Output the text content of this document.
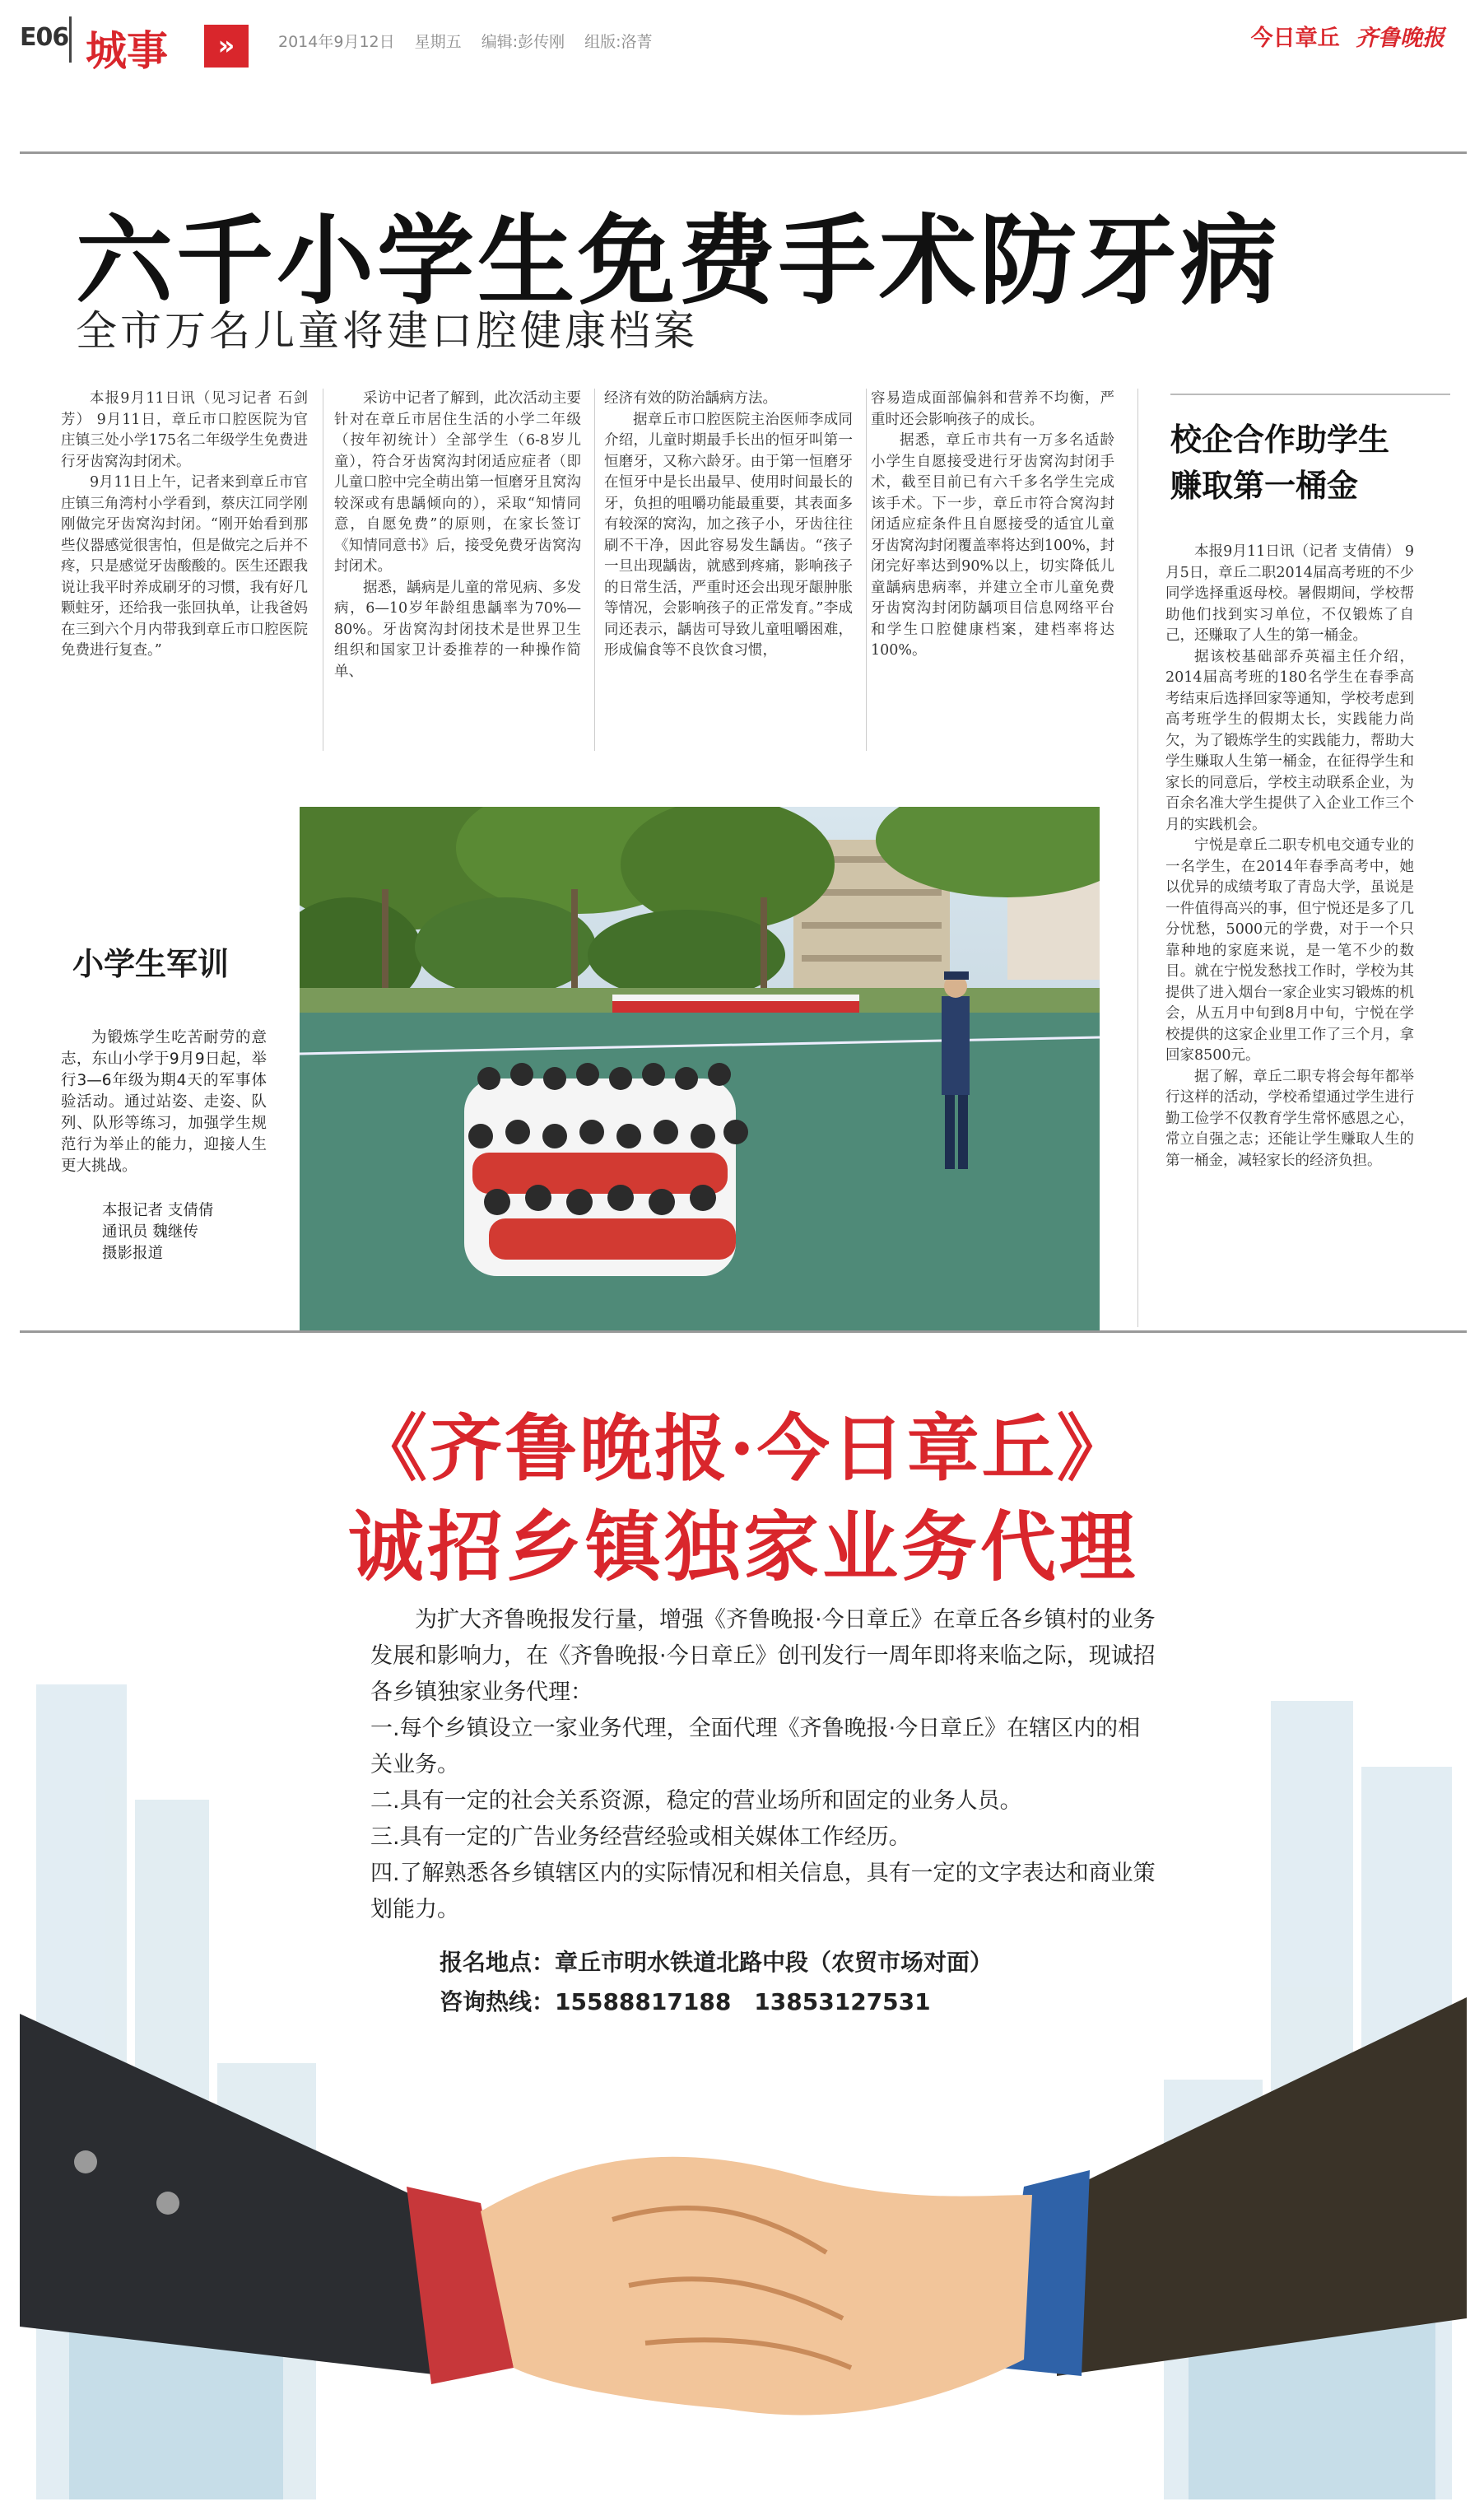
E06 城事	»	2014年9月12日 星期五 编辑:彭传刚 组版:洛菁	今日章丘 齐鲁晚报
六千小学生免费手术防牙病
全市万名儿童将建口腔健康档案

本报9月11日讯（见习记者 石剑芳） 9月11日，章丘市口腔医院为官庄镇三处小学175名二年级学生免费进行牙齿窝沟封闭术。

9月11日上午，记者来到章丘市官庄镇三角湾村小学看到，蔡庆江同学刚刚做完牙齿窝沟封闭。“刚开始看到那些仪器感觉很害怕，但是做完之后并不疼，只是感觉牙齿酸酸的。医生还跟我说让我平时养成刷牙的习惯，我有好几颗蛀牙，还给我一张回执单，让我爸妈在三到六个月内带我到章丘市口腔医院免费进行复查。”

采访中记者了解到，此次活动主要针对在章丘市居住生活的小学二年级（按年初统计）全部学生（6-8岁儿童），符合牙齿窝沟封闭适应症者（即儿童口腔中完全萌出第一恒磨牙且窝沟较深或有患龋倾向的），采取“知情同意，自愿免费”的原则，在家长签订《知情同意书》后，接受免费牙齿窝沟封闭术。

据悉，龋病是儿童的常见病、多发病，6—10岁年龄组患龋率为70%—80%。牙齿窝沟封闭技术是世界卫生组织和国家卫计委推荐的一种操作简单、

经济有效的防治龋病方法。

据章丘市口腔医院主治医师李成同介绍，儿童时期最手长出的恒牙叫第一恒磨牙，又称六龄牙。由于第一恒磨牙在恒牙中是长出最早、使用时间最长的牙，负担的咀嚼功能最重要，其表面多有较深的窝沟，加之孩子小，牙齿往往刷不干净，因此容易发生龋齿。“孩子一旦出现龋齿，就感到疼痛，影响孩子的日常生活，严重时还会出现牙龈肿胀等情况，会影响孩子的正常发育。”李成同还表示，龋齿可导致儿童咀嚼困难，形成偏食等不良饮食习惯，

容易造成面部偏斜和营养不均衡，严重时还会影响孩子的成长。

据悉，章丘市共有一万多名适龄小学生自愿接受进行牙齿窝沟封闭手术，截至目前已有六千多名学生完成该手术。下一步，章丘市符合窝沟封闭适应症条件且自愿接受的适宜儿童牙齿窝沟封闭覆盖率将达到100%，封闭完好率达到90%以上，切实降低儿童龋病患病率，并建立全市儿童免费牙齿窝沟封闭防龋项目信息网络平台和学生口腔健康档案，建档率将达100%。

校企合作助学生
赚取第一桶金

本报9月11日讯（记者 支倩倩） 9月5日，章丘二职2014届高考班的不少同学选择重返母校。暑假期间，学校帮助他们找到实习单位，不仅锻炼了自己，还赚取了人生的第一桶金。

据该校基础部乔英福主任介绍，2014届高考班的180名学生在春季高考结束后选择回家等通知，学校考虑到高考班学生的假期太长，实践能力尚欠，为了锻炼学生的实践能力，帮助大学生赚取人生第一桶金，在征得学生和家长的同意后，学校主动联系企业，为百余名准大学生提供了入企业工作三个月的实践机会。

宁悦是章丘二职专机电交通专业的一名学生，在2014年春季高考中，她以优异的成绩考取了青岛大学，虽说是一件值得高兴的事，但宁悦还是多了几分忧愁，5000元的学费，对于一个只靠种地的家庭来说，是一笔不少的数目。就在宁悦发愁找工作时，学校为其提供了进入烟台一家企业实习锻炼的机会，从五月中旬到8月中旬，宁悦在学校提供的这家企业里工作了三个月，拿回家8500元。

据了解，章丘二职专将会每年都举行这样的活动，学校希望通过学生进行勤工俭学不仅教育学生常怀感恩之心，常立自强之志；还能让学生赚取人生的第一桶金，减轻家长的经济负担。

小学生军训

为锻炼学生吃苦耐劳的意志，东山小学于9月9日起，举行3—6年级为期4天的军事体验活动。通过站姿、走姿、队列、队形等练习，加强学生规范行为举止的能力，迎接人生更大挑战。

本报记者 支倩倩
通讯员 魏继传
摄影报道
《齐鲁晚报·今日章丘》
诚招乡镇独家业务代理

为扩大齐鲁晚报发行量，增强《齐鲁晚报·今日章丘》在章丘各乡镇村的业务发展和影响力，在《齐鲁晚报·今日章丘》创刊发行一周年即将来临之际，现诚招各乡镇独家业务代理：

一.每个乡镇设立一家业务代理，全面代理《齐鲁晚报·今日章丘》在辖区内的相关业务。

二.具有一定的社会关系资源，稳定的营业场所和固定的业务人员。

三.具有一定的广告业务经营经验或相关媒体工作经历。

四.了解熟悉各乡镇辖区内的实际情况和相关信息，具有一定的文字表达和商业策划能力。

报名地点：章丘市明水铁道北路中段（农贸市场对面）
咨询热线：15588817188　13853127531
